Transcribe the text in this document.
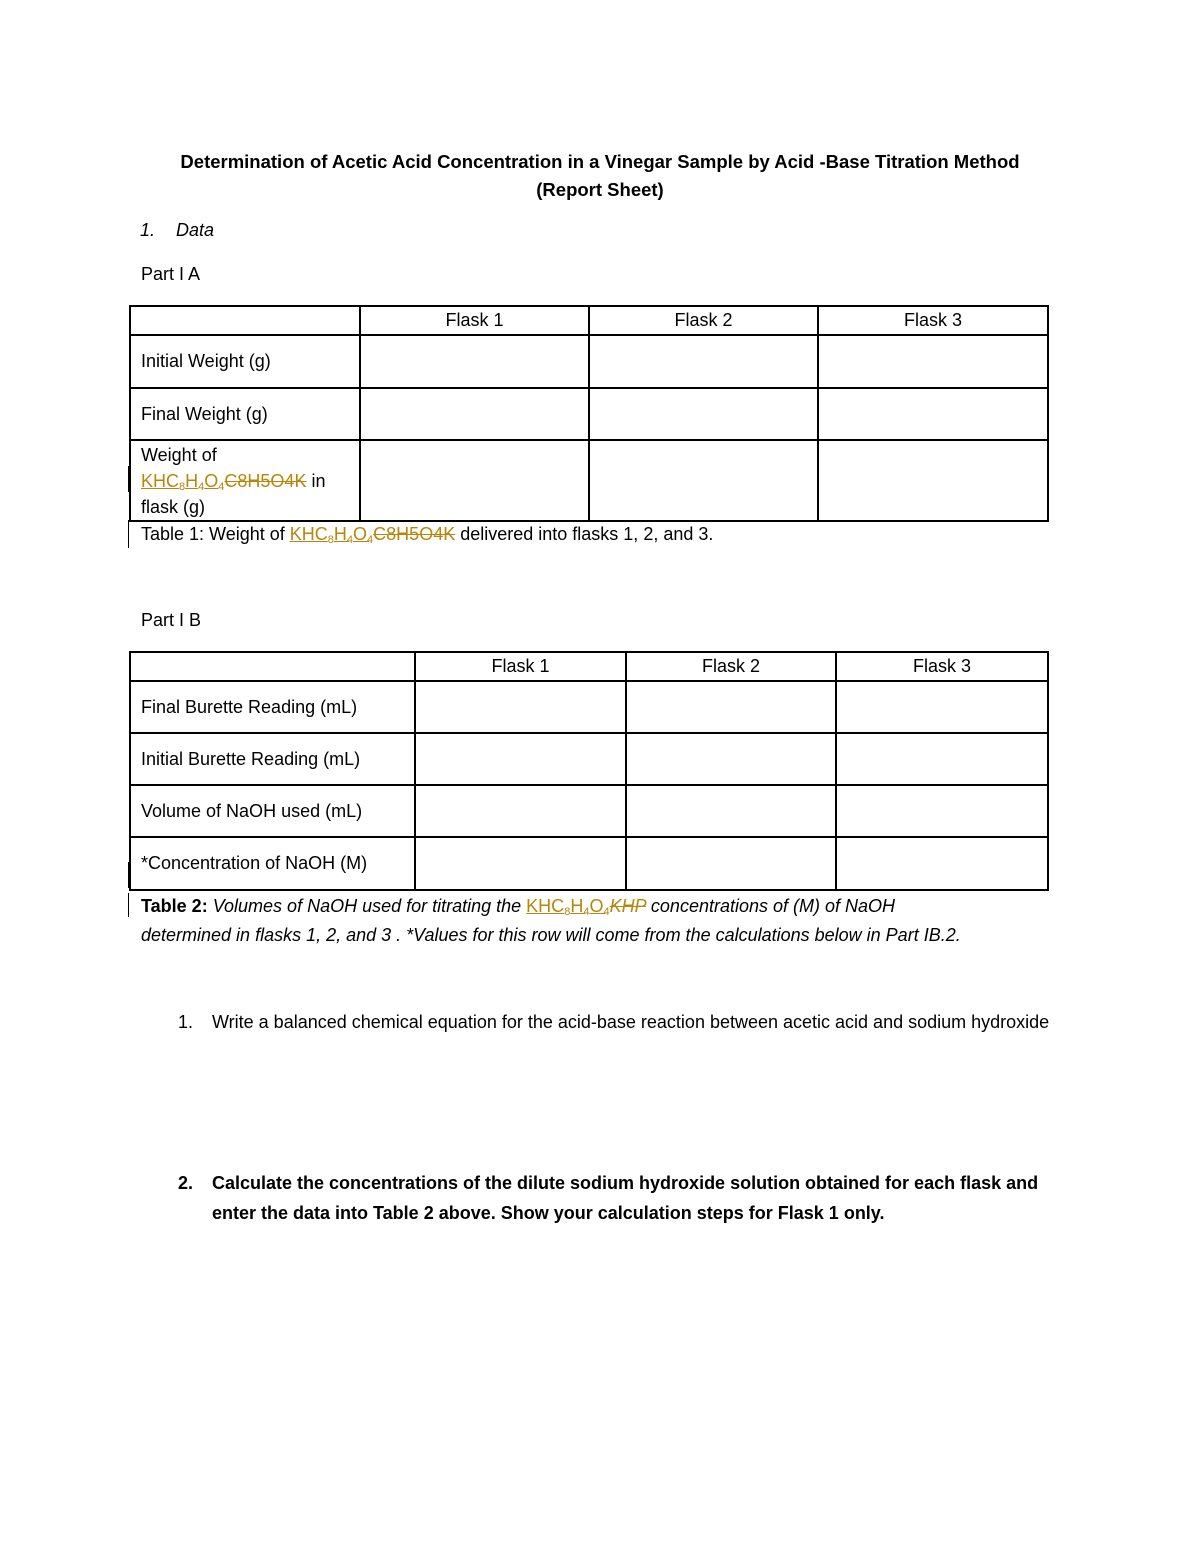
Determination of Acetic Acid Concentration in a Vinegar Sample by Acid -Base Titration Method
(Report Sheet)
1. Data
Part I A
	Flask 1	Flask 2	Flask 3
Initial Weight (g)			
Final Weight (g)			
Weight of
$KHC_8H_4O_4C8H5O4K$ in
flask (g)			
Table 1: Weight of $KHC_8H_4O_4C8H5O4K$ delivered into flasks 1, 2, and 3.
Part I B
	Flask 1	Flask 2	Flask 3
Final Burette Reading (mL)			
Initial Burette Reading (mL)			
Volume of NaOH used (mL)			
*Concentration of NaOH (M)			
Table 2: Volumes of NaOH used for titrating the $KHC_8H_4O_4KHP$ concentrations of (M) of NaOH
determined in flasks 1, 2, and 3 . *Values for this row will come from the calculations below in Part IB.2.
1.	Write a balanced chemical equation for the acid-base reaction between acetic acid and sodium hydroxide
2.	Calculate the concentrations of the dilute sodium hydroxide solution obtained for each flask and enter the data into Table 2 above. Show your calculation steps for Flask 1 only.
